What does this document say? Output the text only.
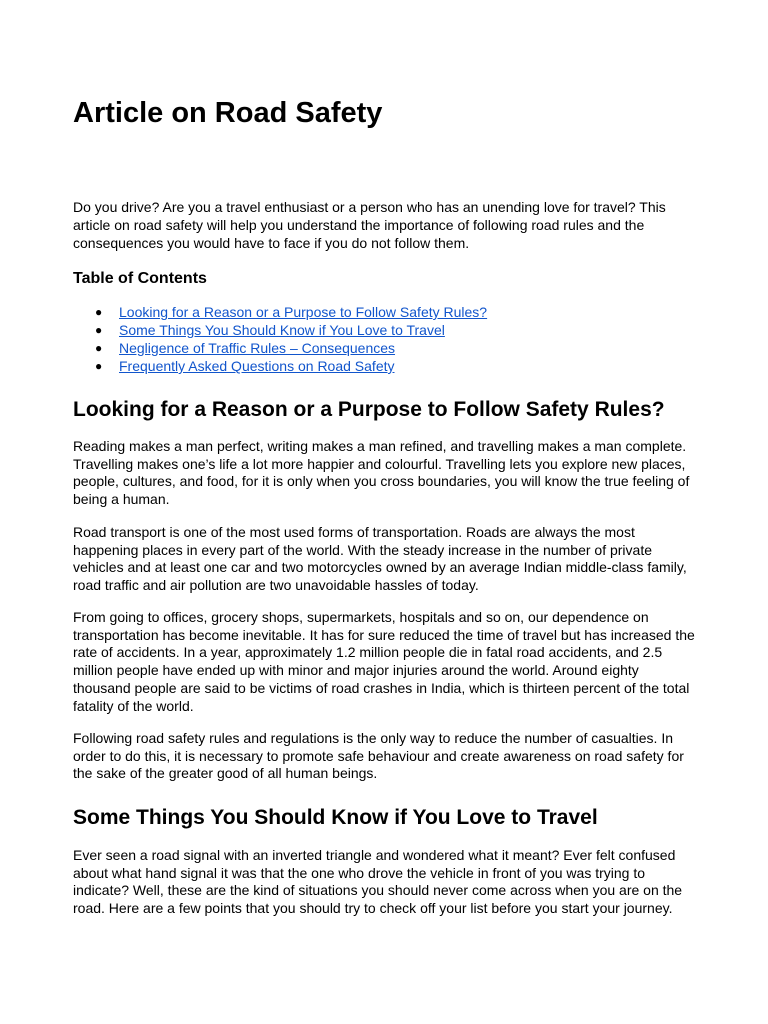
Article on Road Safety

Do you drive? Are you a travel enthusiast or a person who has an unending love for travel? This article on road safety will help you understand the importance of following road rules and the consequences you would have to face if you do not follow them.

Table of Contents
● Looking for a Reason or a Purpose to Follow Safety Rules?
● Some Things You Should Know if You Love to Travel
● Negligence of Traffic Rules – Consequences
● Frequently Asked Questions on Road Safety
Looking for a Reason or a Purpose to Follow Safety Rules?

Reading makes a man perfect, writing makes a man refined, and travelling makes a man complete. Travelling makes one’s life a lot more happier and colourful. Travelling lets you explore new places, people, cultures, and food, for it is only when you cross boundaries, you will know the true feeling of being a human.

Road transport is one of the most used forms of transportation. Roads are always the most happening places in every part of the world. With the steady increase in the number of private vehicles and at least one car and two motorcycles owned by an average Indian middle-class family, road traffic and air pollution are two unavoidable hassles of today.

From going to offices, grocery shops, supermarkets, hospitals and so on, our dependence on transportation has become inevitable. It has for sure reduced the time of travel but has increased the rate of accidents. In a year, approximately 1.2 million people die in fatal road accidents, and 2.5 million people have ended up with minor and major injuries around the world. Around eighty thousand people are said to be victims of road crashes in India, which is thirteen percent of the total fatality of the world.

Following road safety rules and regulations is the only way to reduce the number of casualties. In order to do this, it is necessary to promote safe behaviour and create awareness on road safety for the sake of the greater good of all human beings.

Some Things You Should Know if You Love to Travel

Ever seen a road signal with an inverted triangle and wondered what it meant? Ever felt confused about what hand signal it was that the one who drove the vehicle in front of you was trying to indicate? Well, these are the kind of situations you should never come across when you are on the road. Here are a few points that you should try to check off your list before you start your journey.
